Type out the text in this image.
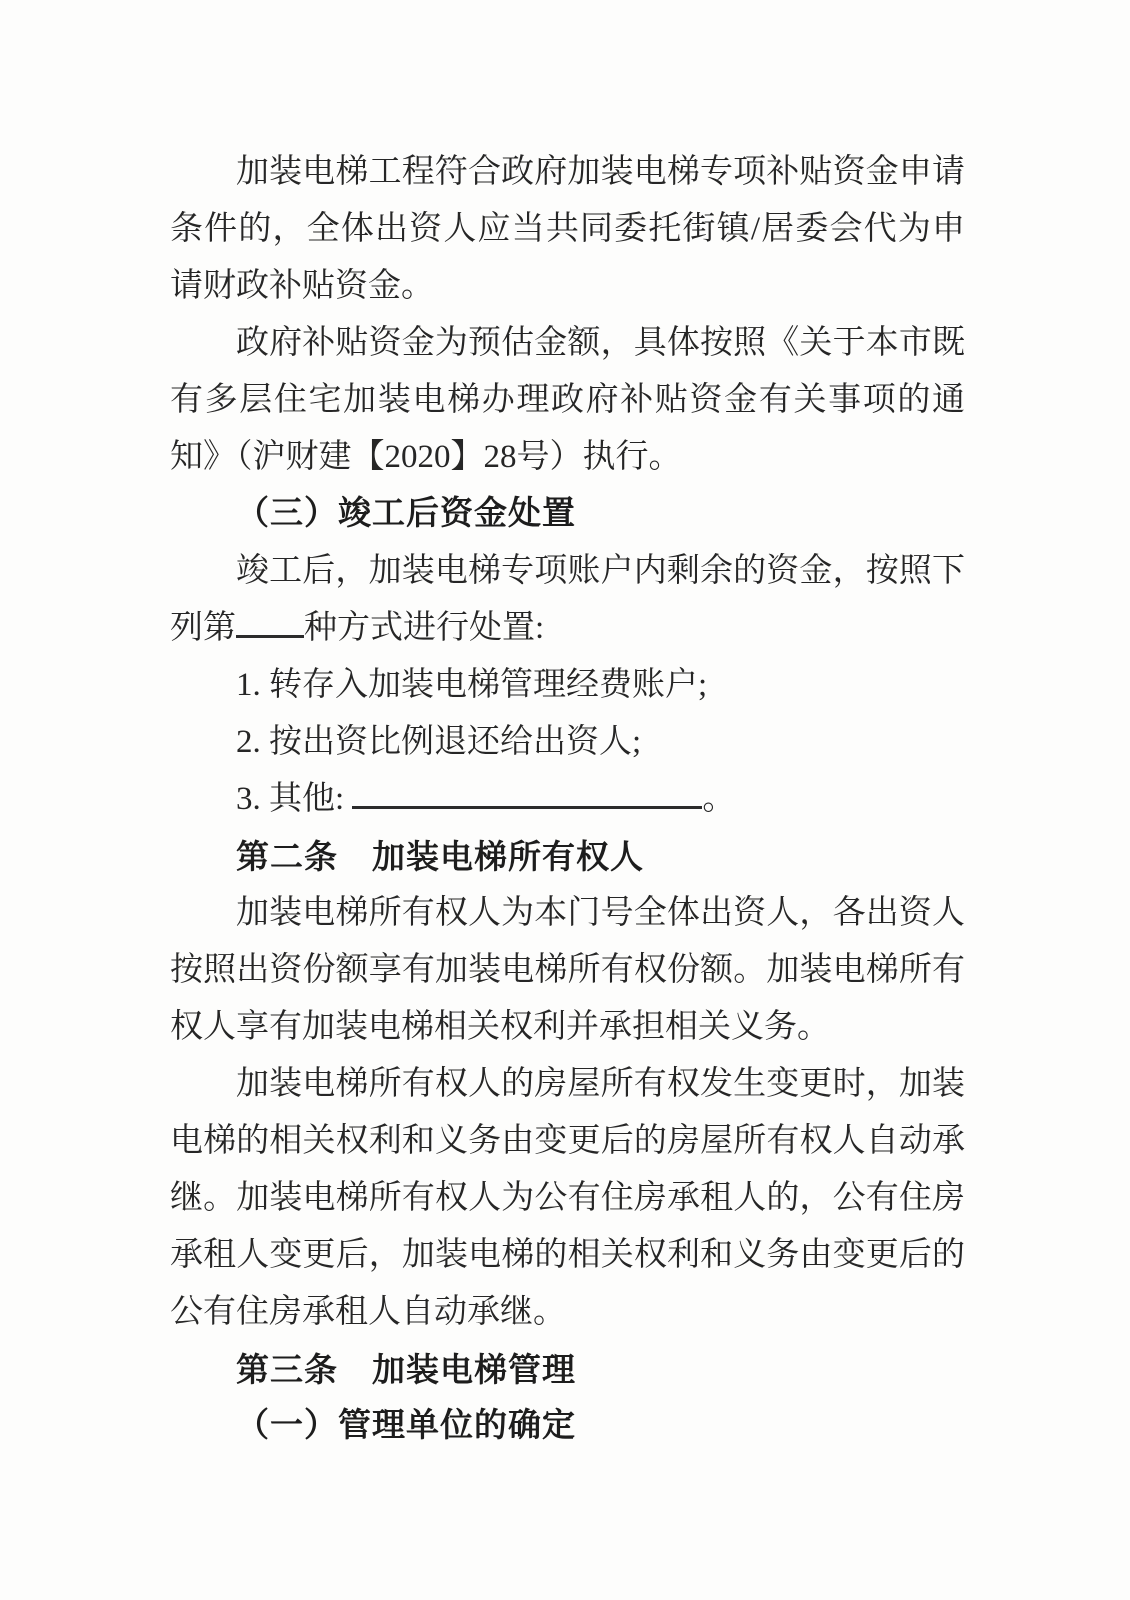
加装电梯工程符合政府加装电梯专项补贴资金申请条件的，全体出资人应当共同委托街镇/居委会代为申请财政补贴资金。

政府补贴资金为预估金额，具体按照《关于本市既有多层住宅加装电梯办理政府补贴资金有关事项的通知》（沪财建【2020】28号）执行。

（三）竣工后资金处置

竣工后，加装电梯专项账户内剩余的资金，按照下列第 种方式进行处置:

1. 转存入加装电梯管理经费账户;

2. 按出资比例退还给出资人;

3. 其他:	。

第二条　加装电梯所有权人

加装电梯所有权人为本门号全体出资人，各出资人按照出资份额享有加装电梯所有权份额。加装电梯所有权人享有加装电梯相关权利并承担相关义务。

加装电梯所有权人的房屋所有权发生变更时，加装电梯的相关权利和义务由变更后的房屋所有权人自动承继。加装电梯所有权人为公有住房承租人的，公有住房承租人变更后，加装电梯的相关权利和义务由变更后的公有住房承租人自动承继。

第三条　加装电梯管理
（一）管理单位的确定
